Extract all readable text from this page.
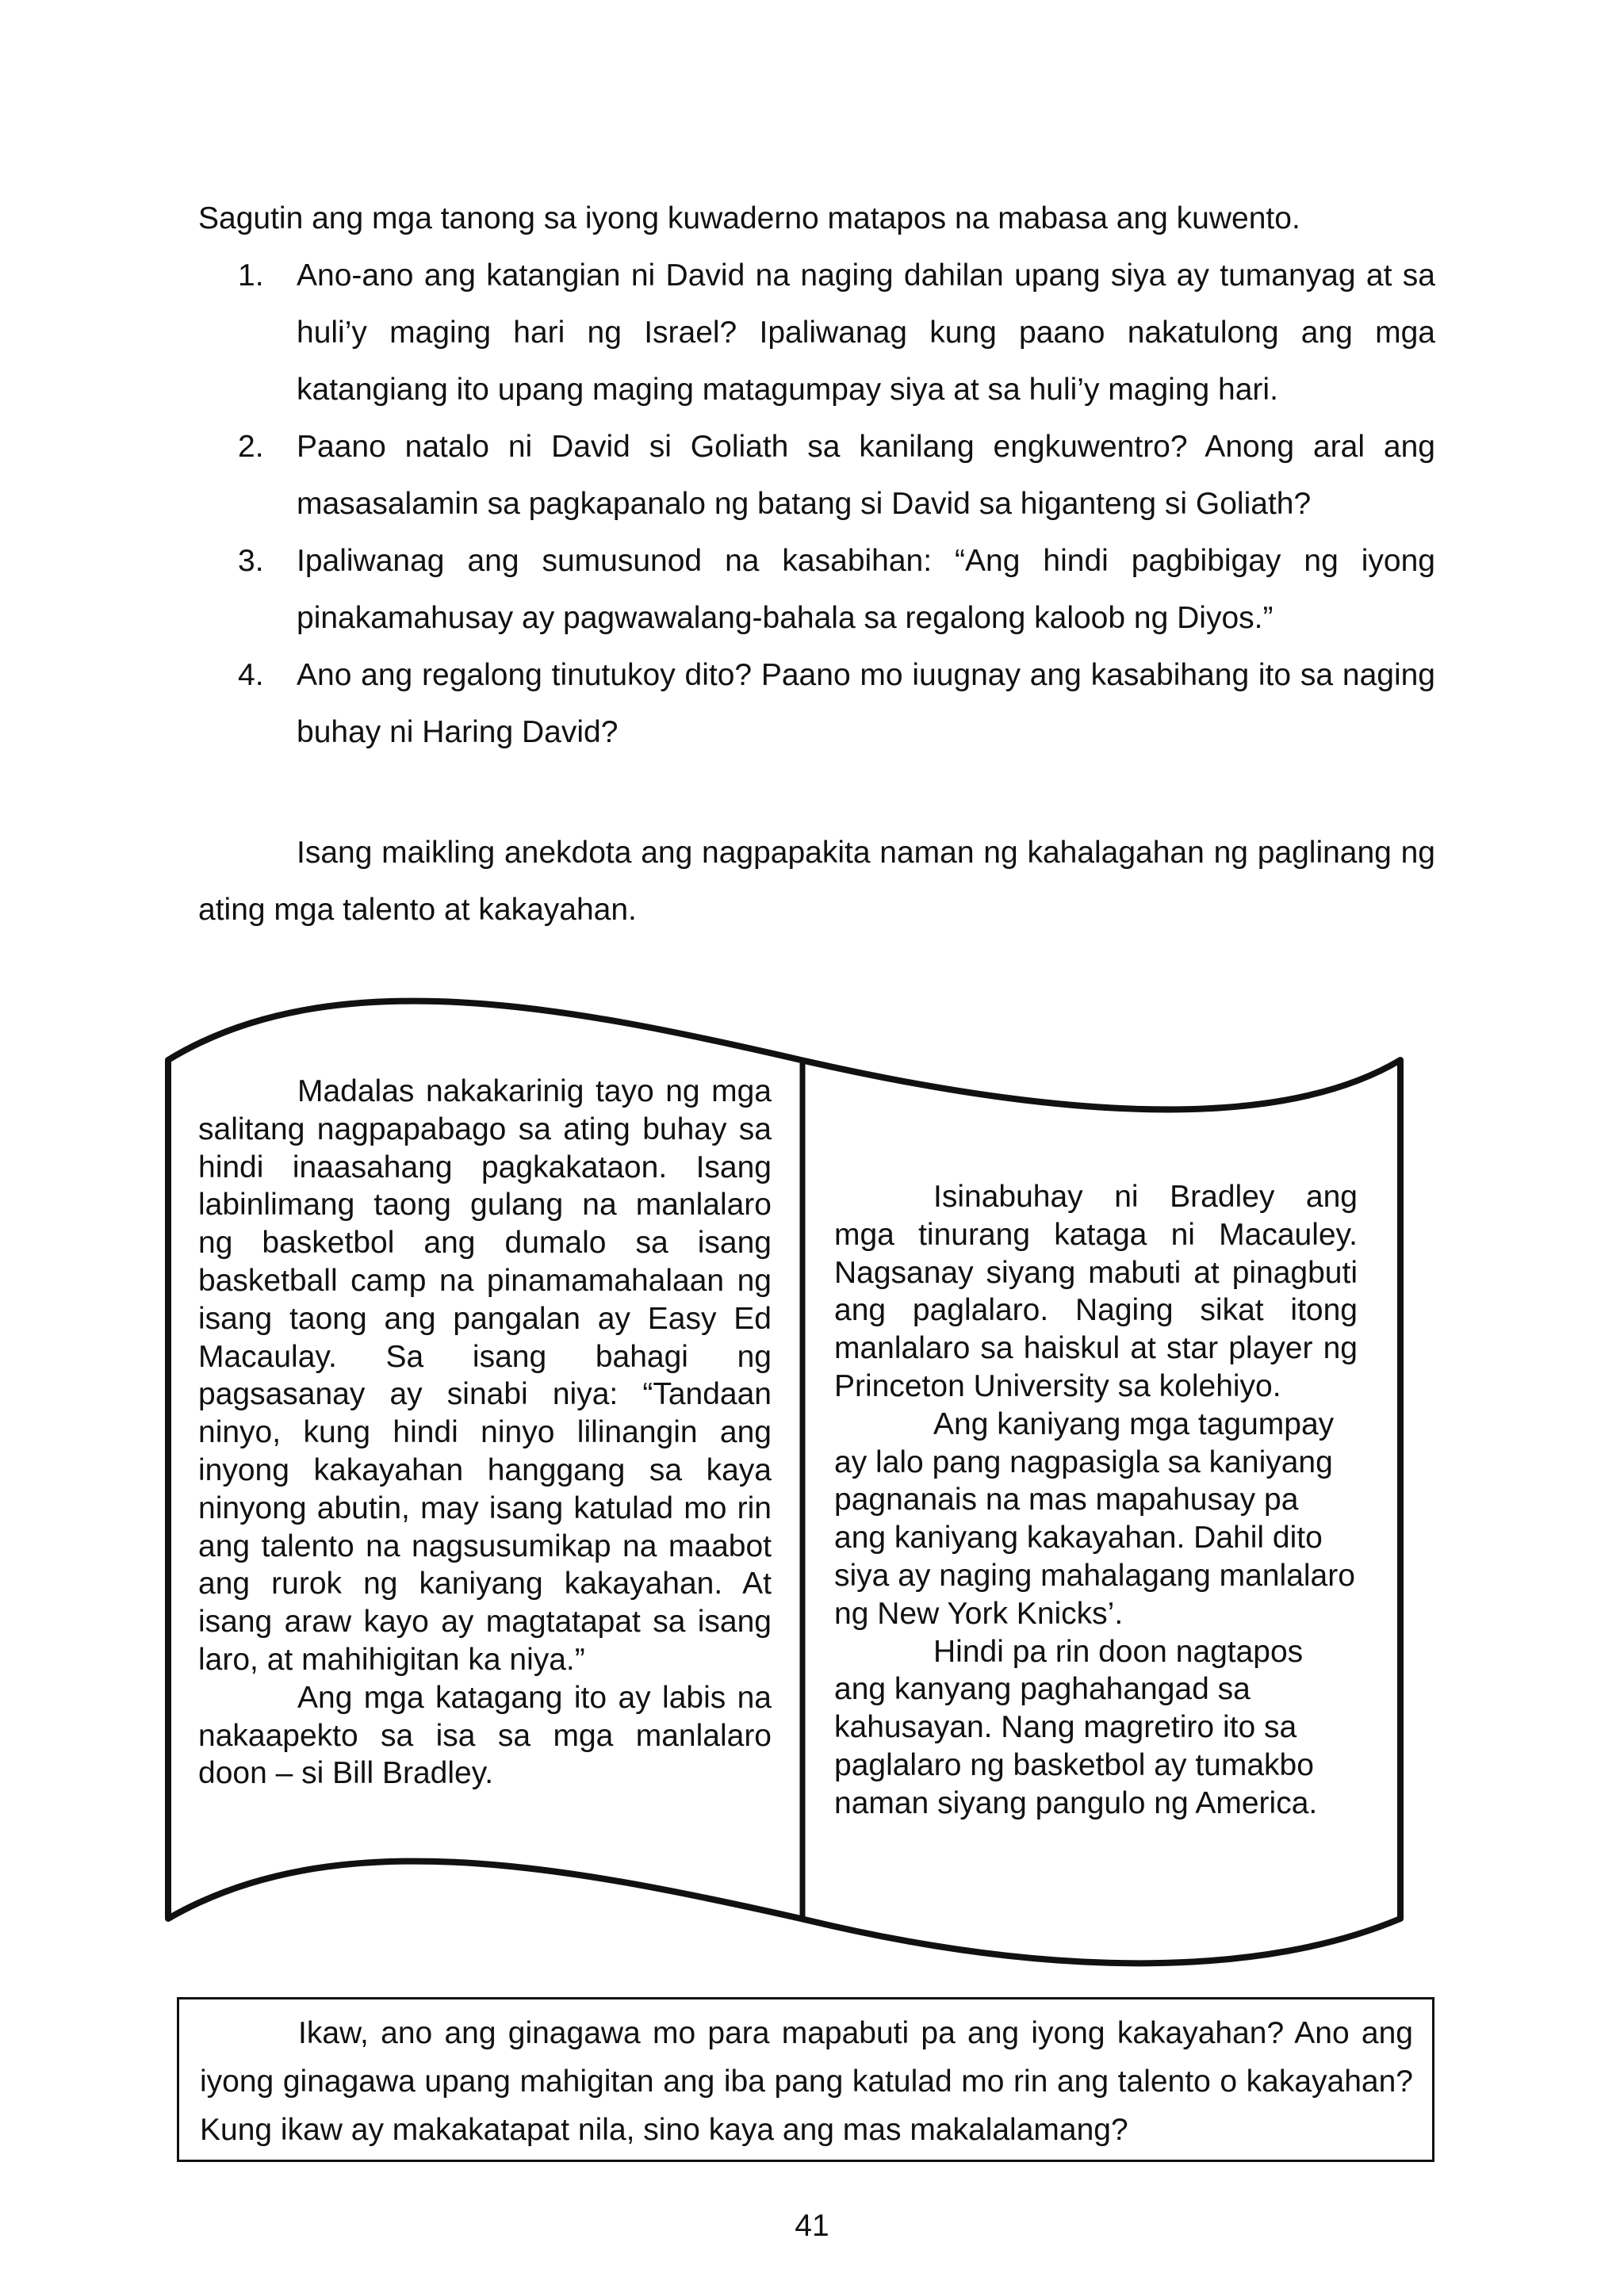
Sagutin ang mga tanong sa iyong kuwaderno matapos na mabasa ang kuwento.
1. Ano-ano ang katangian ni David na naging dahilan upang siya ay tumanyag at sa huli’y maging hari ng Israel? Ipaliwanag kung paano nakatulong ang mga katangiang ito upang maging matagumpay siya at sa huli’y maging hari.
2. Paano natalo ni David si Goliath sa kanilang engkuwentro? Anong aral ang masasalamin sa pagkapanalo ng batang si David sa higanteng si Goliath?
3. Ipaliwanag ang sumusunod na kasabihan: “Ang hindi pagbibigay ng iyong pinakamahusay ay pagwawalang-bahala sa regalong kaloob ng Diyos.”
4. Ano ang regalong tinutukoy dito? Paano mo iuugnay ang kasabihang ito sa naging buhay ni Haring David?
Isang maikling anekdota ang nagpapakita naman ng kahalagahan ng paglinang ng ating mga talento at kakayahan.

Madalas nakakarinig tayo ng mga salitang nagpapabago sa ating buhay sa hindi inaasahang pagkakataon. Isang labinlimang taong gulang na manlalaro ng basketbol ang dumalo sa isang basketball camp na pinamamahalaan ng isang taong ang pangalan ay Easy Ed Macaulay. Sa isang bahagi ng pagsasanay ay sinabi niya: “Tandaan ninyo, kung hindi ninyo lilinangin ang inyong kakayahan hanggang sa kaya ninyong abutin, may isang katulad mo rin ang talento na nagsusumikap na maabot ang rurok ng kaniyang kakayahan. At isang araw kayo ay magtatapat sa isang laro, at mahihigitan ka niya.”

Ang mga katagang ito ay labis na nakaapekto sa isa sa mga manlalaro doon – si Bill Bradley.

Isinabuhay ni Bradley ang mga tinurang kataga ni Macauley. Nagsanay siyang mabuti at pinagbuti ang paglalaro. Naging sikat itong manlalaro sa haiskul at star player ng Princeton University sa kolehiyo.

Ang kaniyang mga tagumpay ay lalo pang nagpasigla sa kaniyang pagnanais na mas mapahusay pa ang kaniyang kakayahan. Dahil dito siya ay naging mahalagang manlalaro ng New York Knicks’.

Hindi pa rin doon nagtapos ang kanyang paghahangad sa kahusayan. Nang magretiro ito sa paglalaro ng basketbol ay tumakbo naman siyang pangulo ng America.

Ikaw, ano ang ginagawa mo para mapabuti pa ang iyong kakayahan? Ano ang iyong ginagawa upang mahigitan ang iba pang katulad mo rin ang talento o kakayahan? Kung ikaw ay makakatapat nila, sino kaya ang mas makalalamang?
41
